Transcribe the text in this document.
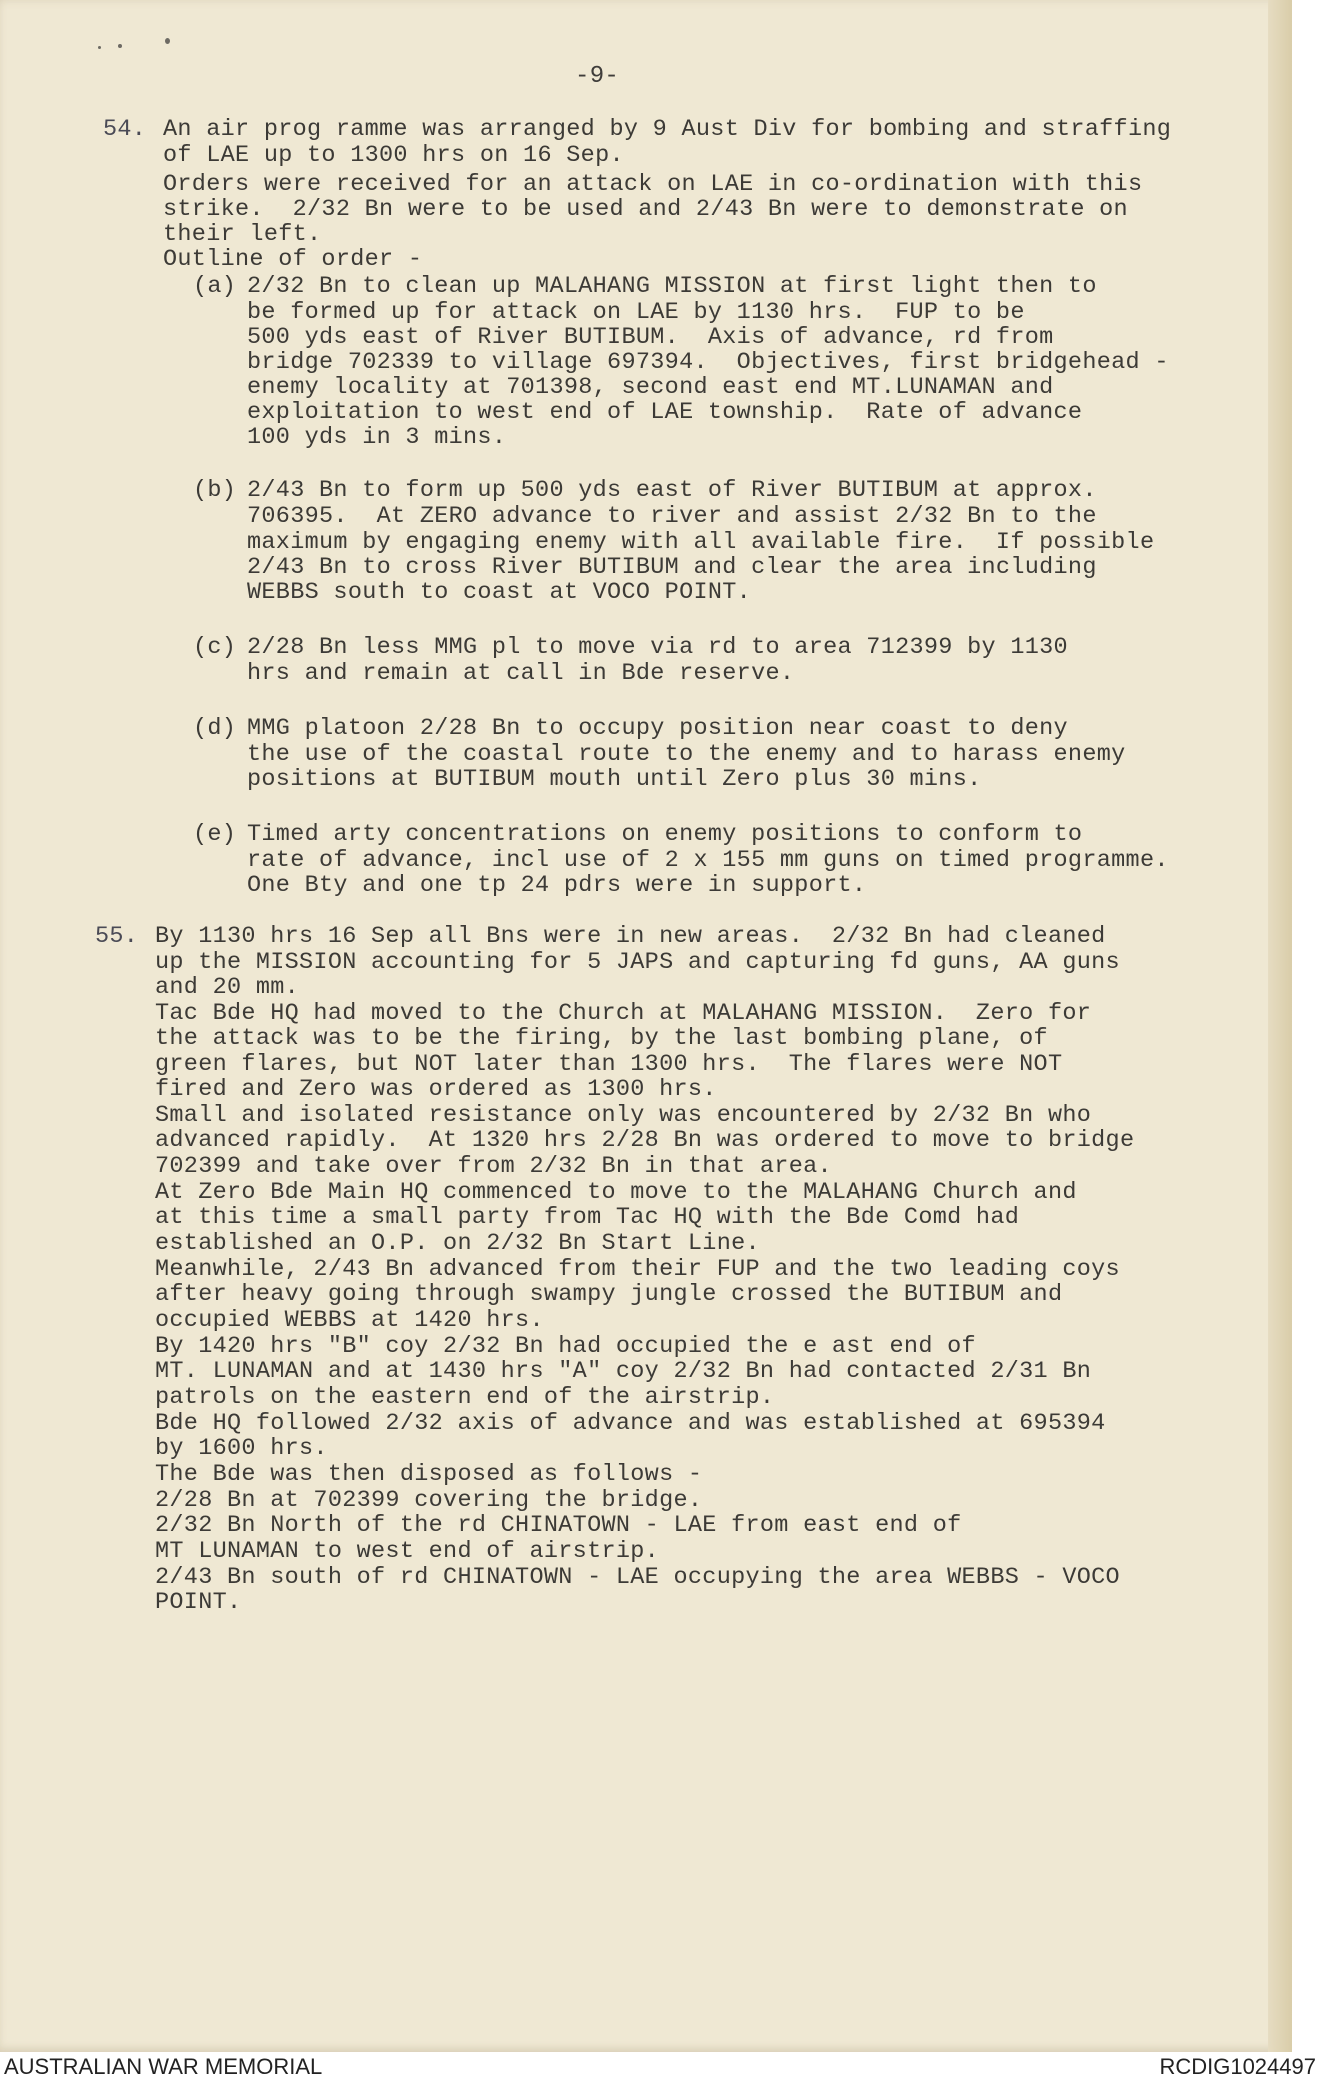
-9-
54. An air prog ramme was arranged by 9 Aust Div for bombing and straffing
of LAE up to 1300 hrs on 16 Sep.
Orders were received for an attack on LAE in co-ordination with this
strike.  2/32 Bn were to be used and 2/43 Bn were to demonstrate on
their left.
Outline of order -
(a) 2/32 Bn to clean up MALAHANG MISSION at first light then to
be formed up for attack on LAE by 1130 hrs.  FUP to be
500 yds east of River BUTIBUM.  Axis of advance, rd from
bridge 702339 to village 697394.  Objectives, first bridgehead -
enemy locality at 701398, second east end MT.LUNAMAN and
exploitation to west end of LAE township.  Rate of advance
100 yds in 3 mins.
(b) 2/43 Bn to form up 500 yds east of River BUTIBUM at approx.
706395.  At ZERO advance to river and assist 2/32 Bn to the
maximum by engaging enemy with all available fire.  If possible
2/43 Bn to cross River BUTIBUM and clear the area including
WEBBS south to coast at VOCO POINT.
(c) 2/28 Bn less MMG pl to move via rd to area 712399 by 1130
hrs and remain at call in Bde reserve.
(d) MMG platoon 2/28 Bn to occupy position near coast to deny
the use of the coastal route to the enemy and to harass enemy
positions at BUTIBUM mouth until Zero plus 30 mins.
(e) Timed arty concentrations on enemy positions to conform to
rate of advance, incl use of 2 x 155 mm guns on timed programme.
One Bty and one tp 24 pdrs were in support.
55. By 1130 hrs 16 Sep all Bns were in new areas.  2/32 Bn had cleaned
up the MISSION accounting for 5 JAPS and capturing fd guns, AA guns
and 20 mm.
Tac Bde HQ had moved to the Church at MALAHANG MISSION.  Zero for
the attack was to be the firing, by the last bombing plane, of
green flares, but NOT later than 1300 hrs.  The flares were NOT
fired and Zero was ordered as 1300 hrs.
Small and isolated resistance only was encountered by 2/32 Bn who
advanced rapidly.  At 1320 hrs 2/28 Bn was ordered to move to bridge
702399 and take over from 2/32 Bn in that area.
At Zero Bde Main HQ commenced to move to the MALAHANG Church and
at this time a small party from Tac HQ with the Bde Comd had
established an O.P. on 2/32 Bn Start Line.
Meanwhile, 2/43 Bn advanced from their FUP and the two leading coys
after heavy going through swampy jungle crossed the BUTIBUM and
occupied WEBBS at 1420 hrs.
By 1420 hrs "B" coy 2/32 Bn had occupied the e ast end of
MT. LUNAMAN and at 1430 hrs "A" coy 2/32 Bn had contacted 2/31 Bn
patrols on the eastern end of the airstrip.
Bde HQ followed 2/32 axis of advance and was established at 695394
by 1600 hrs.
The Bde was then disposed as follows -
2/28 Bn at 702399 covering the bridge.
2/32 Bn North of the rd CHINATOWN - LAE from east end of
MT LUNAMAN to west end of airstrip.
2/43 Bn south of rd CHINATOWN - LAE occupying the area WEBBS - VOCO
POINT.
AUSTRALIAN WAR MEMORIAL	RCDIG1024497
